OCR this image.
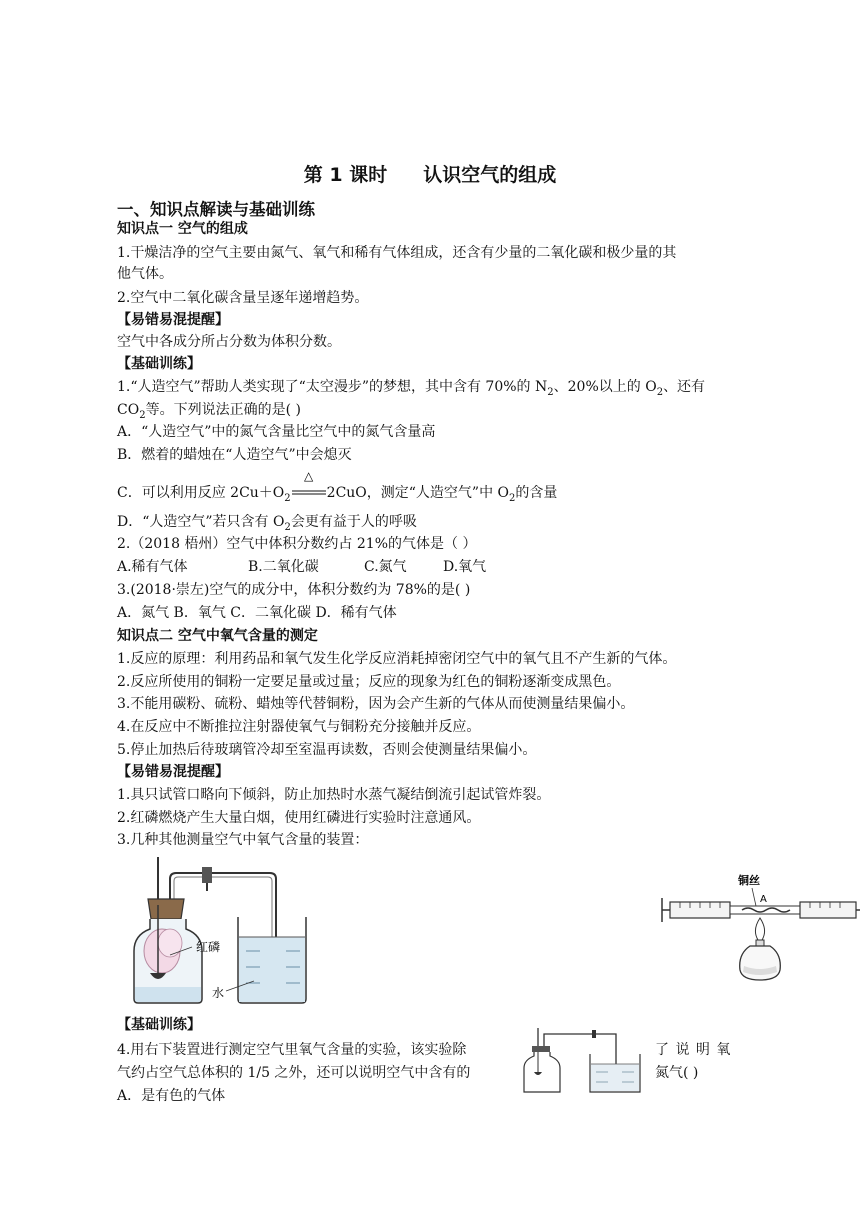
第 1 课时 认识空气的组成
一、知识点解读与基础训练
知识点一 空气的组成
1.干燥洁净的空气主要由氮气、氧气和稀有气体组成，还含有少量的二氧化碳和极少量的其
他气体。
2.空气中二氧化碳含量呈逐年递增趋势。
【易错易混提醒】
空气中各成分所占分数为体积分数。
【基础训练】
1.“人造空气”帮助人类实现了“太空漫步”的梦想，其中含有 70%的 $N_2$、20%以上的 $O_2$、还有
$CO_2$等。下列说法正确的是( )
A．“人造空气”中的氮气含量比空气中的氮气含量高
B．燃着的蜡烛在“人造空气”中会熄灭
C．可以利用反应 $2Cu+O_2$
△
2CuO，测定“人造空气”中 $O_2$的含量
D．“人造空气”若只含有 $O_2$会更有益于人的呼吸
2.（2018 梧州）空气中体积分数约占 21%的气体是（ ）
A.稀有气体	B.二氧化碳	C.氮气	D.氧气
3.(2018·崇左)空气的成分中，体积分数约为 78%的是( )
A．氮气 B．氧气 C．二氧化碳 D．稀有气体
知识点二 空气中氧气含量的测定
1.反应的原理：利用药品和氧气发生化学反应消耗掉密闭空气中的氧气且不产生新的气体。
2.反应所使用的铜粉一定要足量或过量；反应的现象为红色的铜粉逐渐变成黑色。
3.不能用碳粉、硫粉、蜡烛等代替铜粉，因为会产生新的气体从而使测量结果偏小。
4.在反应中不断推拉注射器使氧气与铜粉充分接触并反应。
5.停止加热后待玻璃管冷却至室温再读数，否则会使测量结果偏小。
【易错易混提醒】
1.具只试管口略向下倾斜，防止加热时水蒸气凝结倒流引起试管炸裂。
2.红磷燃烧产生大量白烟，使用红磷进行实验时注意通风。
3.几种其他测量空气中氧气含量的装置：
红磷
水
铜丝
A
【基础训练】
4.用右下装置进行测定空气里氧气含量的实验，该实验除	了 说 明 氧
气约占空气总体积的 1/5 之外，还可以说明空气中含有的	氮气( )
A．是有色的气体
